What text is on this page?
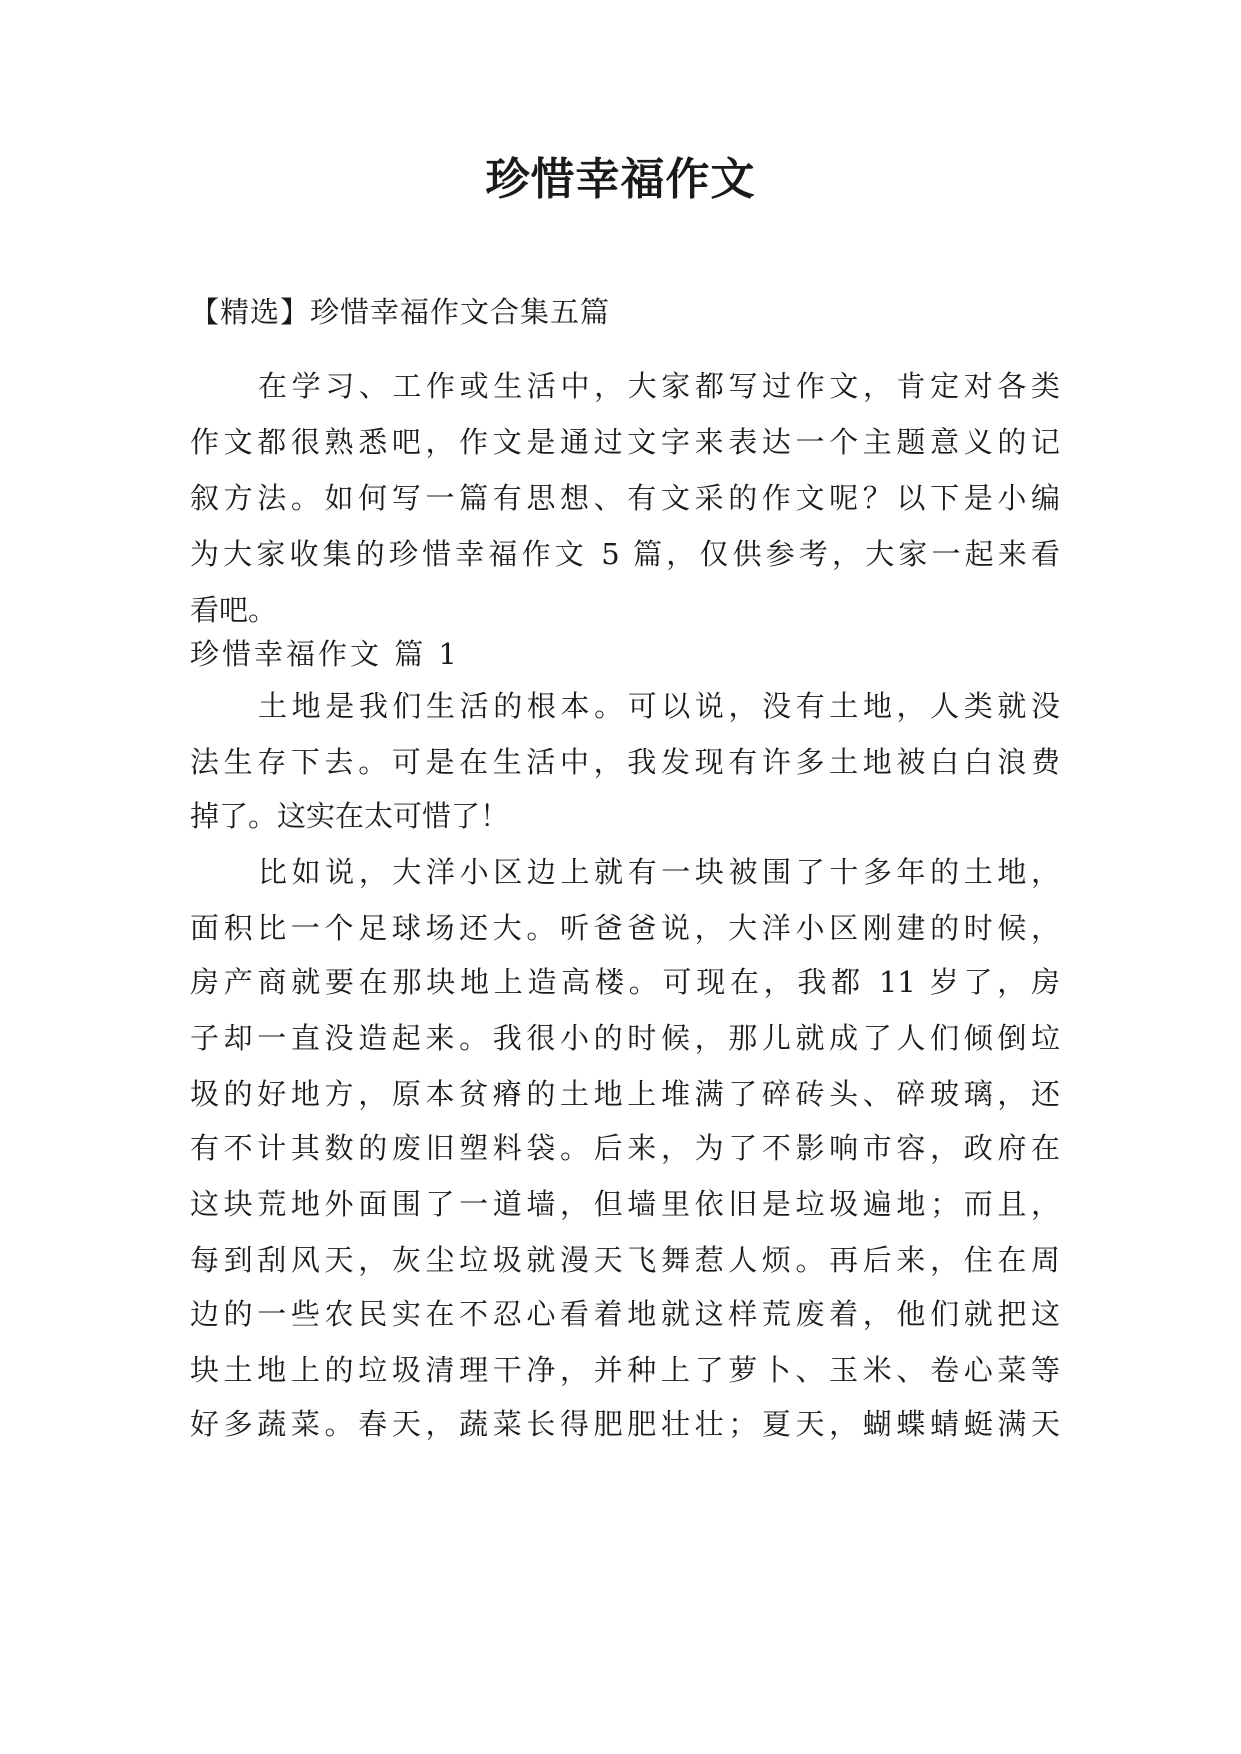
珍惜幸福作文

【精选】珍惜幸福作文合集五篇

在学习、工作或生活中，大家都写过作文，肯定对各类

作文都很熟悉吧，作文是通过文字来表达一个主题意义的记

叙方法。如何写一篇有思想、有文采的作文呢？以下是小编

为大家收集的珍惜幸福作文 5 篇，仅供参考，大家一起来看

看吧。

珍惜幸福作文 篇 1

土地是我们生活的根本。可以说，没有土地，人类就没

法生存下去。可是在生活中，我发现有许多土地被白白浪费

掉了。这实在太可惜了！

比如说，大洋小区边上就有一块被围了十多年的土地，

面积比一个足球场还大。听爸爸说，大洋小区刚建的时候，

房产商就要在那块地上造高楼。可现在，我都 11 岁了，房

子却一直没造起来。我很小的时候，那儿就成了人们倾倒垃

圾的好地方，原本贫瘠的土地上堆满了碎砖头、碎玻璃，还

有不计其数的废旧塑料袋。后来，为了不影响市容，政府在

这块荒地外面围了一道墙，但墙里依旧是垃圾遍地；而且，

每到刮风天，灰尘垃圾就漫天飞舞惹人烦。再后来，住在周

边的一些农民实在不忍心看着地就这样荒废着，他们就把这

块土地上的垃圾清理干净，并种上了萝卜、玉米、卷心菜等

好多蔬菜。春天，蔬菜长得肥肥壮壮；夏天，蝴蝶蜻蜓满天
